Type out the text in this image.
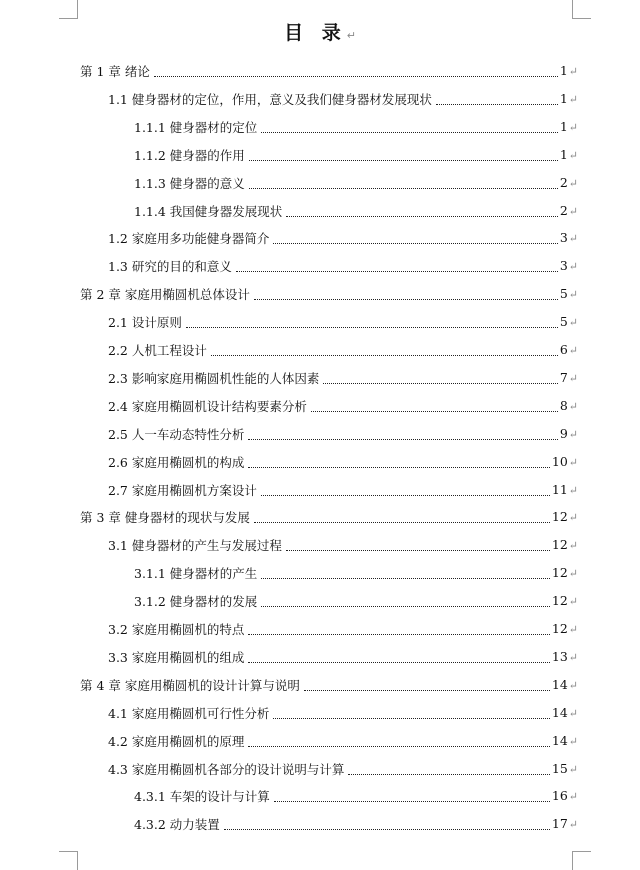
目 录↵
第 1 章 绪论	1↵
1.1 健身器材的定位，作用，意义及我们健身器材发展现状	1↵
1.1.1 健身器材的定位	1↵
1.1.2 健身器的作用	1↵
1.1.3 健身器的意义	2↵
1.1.4 我国健身器发展现状	2↵
1.2 家庭用多功能健身器简介	3↵
1.3 研究的目的和意义	3↵
第 2 章 家庭用椭圆机总体设计	5↵
2.1 设计原则	5↵
2.2 人机工程设计	6↵
2.3 影响家庭用椭圆机性能的人体因素	7↵
2.4 家庭用椭圆机设计结构要素分析	8↵
2.5 人一车动态特性分析	9↵
2.6 家庭用椭圆机的构成	10↵
2.7 家庭用椭圆机方案设计	11↵
第 3 章 健身器材的现状与发展	12↵
3.1 健身器材的产生与发展过程	12↵
3.1.1 健身器材的产生	12↵
3.1.2 健身器材的发展	12↵
3.2 家庭用椭圆机的特点	12↵
3.3 家庭用椭圆机的组成	13↵
第 4 章 家庭用椭圆机的设计计算与说明	14↵
4.1 家庭用椭圆机可行性分析	14↵
4.2 家庭用椭圆机的原理	14↵
4.3 家庭用椭圆机各部分的设计说明与计算	15↵
4.3.1 车架的设计与计算	16↵
4.3.2 动力装置	17↵
